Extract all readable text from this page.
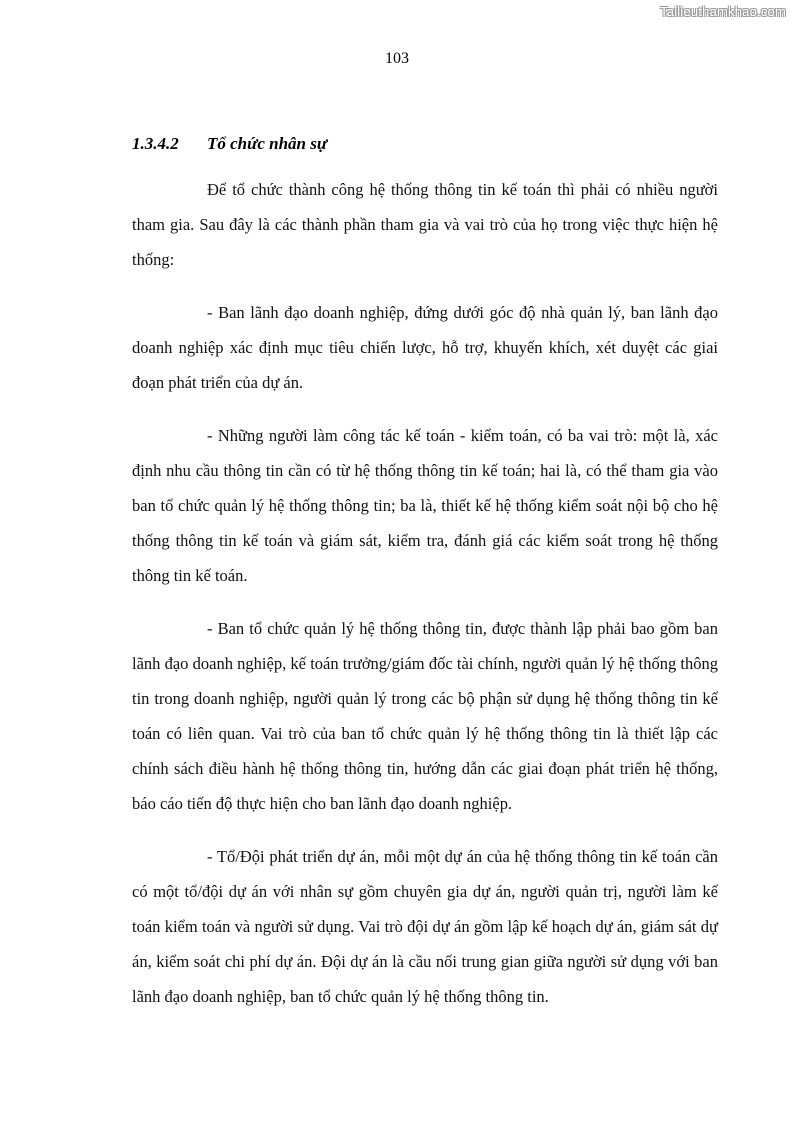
Tailieuthamkhao.com
103
1.3.4.2 Tổ chức nhân sự

Để tổ chức thành công hệ thống thông tin kế toán thì phải có nhiều người tham gia. Sau đây là các thành phần tham gia và vai trò của họ trong việc thực hiện hệ thống:

- Ban lãnh đạo doanh nghiệp, đứng dưới góc độ nhà quản lý, ban lãnh đạo doanh nghiệp xác định mục tiêu chiến lược, hỗ trợ, khuyến khích, xét duyệt các giai đoạn phát triển của dự án.

- Những người làm công tác kế toán - kiểm toán, có ba vai trò: một là, xác định nhu cầu thông tin cần có từ hệ thống thông tin kế toán; hai là, có thể tham gia vào ban tổ chức quản lý hệ thống thông tin; ba là, thiết kế hệ thống kiểm soát nội bộ cho hệ thống thông tin kế toán và giám sát, kiểm tra, đánh giá các kiểm soát trong hệ thống thông tin kế toán.

- Ban tổ chức quản lý hệ thống thông tin, được thành lập phải bao gồm ban lãnh đạo doanh nghiệp, kế toán trưởng/giám đốc tài chính, người quản lý hệ thống thông tin trong doanh nghiệp, người quản lý trong các bộ phận sử dụng hệ thống thông tin kế toán có liên quan. Vai trò của ban tổ chức quản lý hệ thống thông tin là thiết lập các chính sách điều hành hệ thống thông tin, hướng dẫn các giai đoạn phát triển hệ thống, báo cáo tiến độ thực hiện cho ban lãnh đạo doanh nghiệp.

- Tổ/Đội phát triển dự án, mỗi một dự án của hệ thống thông tin kế toán cần có một tổ/đội dự án với nhân sự gồm chuyên gia dự án, người quản trị, người làm kế toán kiểm toán và người sử dụng. Vai trò đội dự án gồm lập kế hoạch dự án, giám sát dự án, kiểm soát chi phí dự án. Đội dự án là cầu nối trung gian giữa người sử dụng với ban lãnh đạo doanh nghiệp, ban tổ chức quản lý hệ thống thông tin.
